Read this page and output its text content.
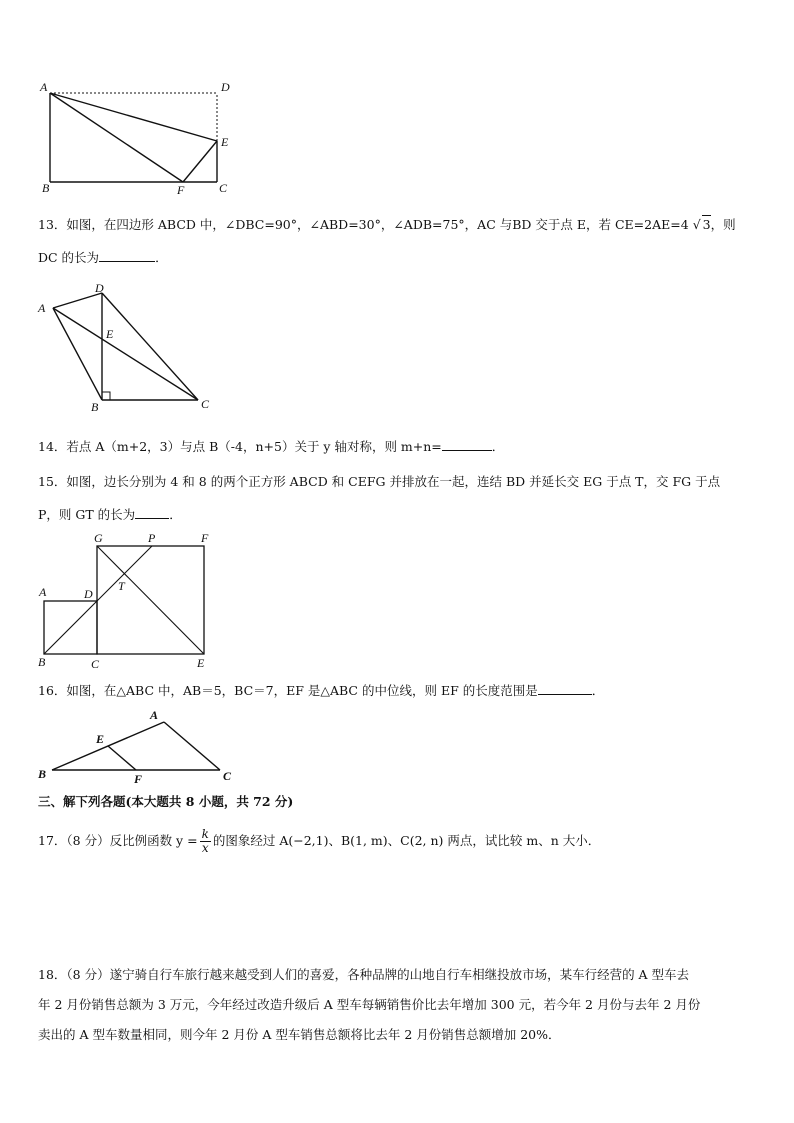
A	D
E
B	F	C
13．如图，在四边形 ABCD 中，∠DBC=90°，∠ABD=30°，∠ADB=75°，AC 与BD 交于点 E，若 CE=2AE=4 √ 3，则
DC 的长为	．
A
D
E
B	C
14．若点 A（m+2，3）与点 B（-4，n+5）关于 y 轴对称，则 m+n=	．
15．如图，边长分别为 4 和 8 的两个正方形 ABCD 和 CEFG 并排放在一起，连结 BD 并延长交 EG 于点 T，交 FG 于点
P，则 GT 的长为	．
G	P	F
T
A	D
B	C	E
16．如图，在△ABC 中，AB＝5，BC＝7，EF 是△ABC 的中位线，则 EF 的长度范围是	．
A
E
B	F	C
三、解下列各题(本大题共 8 小题，共 72 分)
17．（8 分）反比例函数 $y = \frac{k}{x}$ 的图象经过 A(−2,1)、B(1, m)、C(2, n) 两点，试比较 m、n 大小．
18．（8 分）遂宁骑自行车旅行越来越受到人们的喜爱，各种品牌的山地自行车相继投放市场，某车行经营的 A 型车去
年 2 月份销售总额为 3 万元，今年经过改造升级后 A 型车每辆销售价比去年增加 300 元，若今年 2 月份与去年 2 月份
卖出的 A 型车数量相同，则今年 2 月份 A 型车销售总额将比去年 2 月份销售总额增加 20%．
